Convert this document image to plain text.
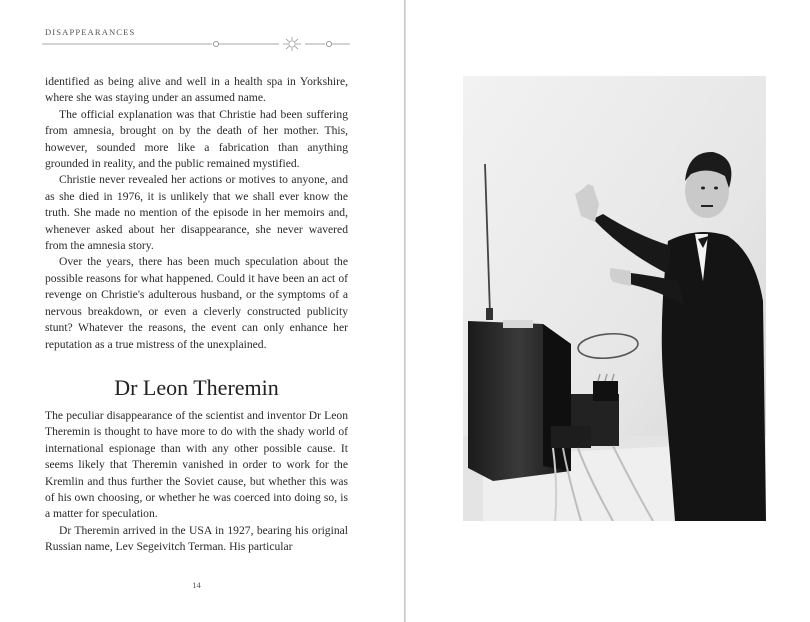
DISAPPEARANCES

identified as being alive and well in a health spa in Yorkshire, where she was staying under an assumed name.

The official explanation was that Christie had been suffering from amnesia, brought on by the death of her mother. This, however, sounded more like a fabrication than anything grounded in reality, and the public remained mystified.

Christie never revealed her actions or motives to anyone, and as she died in 1976, it is unlikely that we shall ever know the truth. She made no mention of the episode in her memoirs and, whenever asked about her disappearance, she never wavered from the amnesia story.

Over the years, there has been much speculation about the possible reasons for what happened. Could it have been an act of revenge on Christie's adulterous husband, or the symptoms of a nervous breakdown, or even a cleverly constructed publicity stunt? Whatever the reasons, the event can only enhance her reputation as a true mistress of the unexplained.

Dr Leon Theremin

The peculiar disappearance of the scientist and inventor Dr Leon Theremin is thought to have more to do with the shady world of international espionage than with any other possible cause. It seems likely that Theremin vanished in order to work for the Kremlin and thus further the Soviet cause, but whether this was of his own choosing, or whether he was coerced into doing so, is a matter for speculation.

Dr Theremin arrived in the USA in 1927, bearing his original Russian name, Lev Segeivitch Terman. His particular

14
